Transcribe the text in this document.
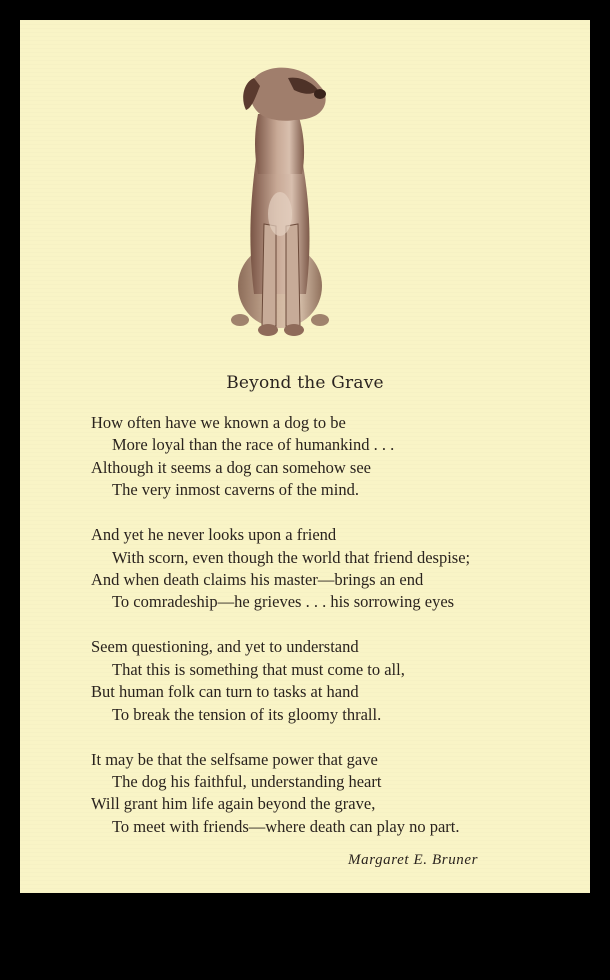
Beyond the Grave
How often have we known a dog to be
More loyal than the race of humankind . . .
Although it seems a dog can somehow see
The very inmost caverns of the mind.
And yet he never looks upon a friend
With scorn, even though the world that friend despise;
And when death claims his master—brings an end
To comradeship—he grieves . . . his sorrowing eyes
Seem questioning, and yet to understand
That this is something that must come to all,
But human folk can turn to tasks at hand
To break the tension of its gloomy thrall.
It may be that the selfsame power that gave
The dog his faithful, understanding heart
Will grant him life again beyond the grave,
To meet with friends—where death can play no part.
Margaret E. Bruner
